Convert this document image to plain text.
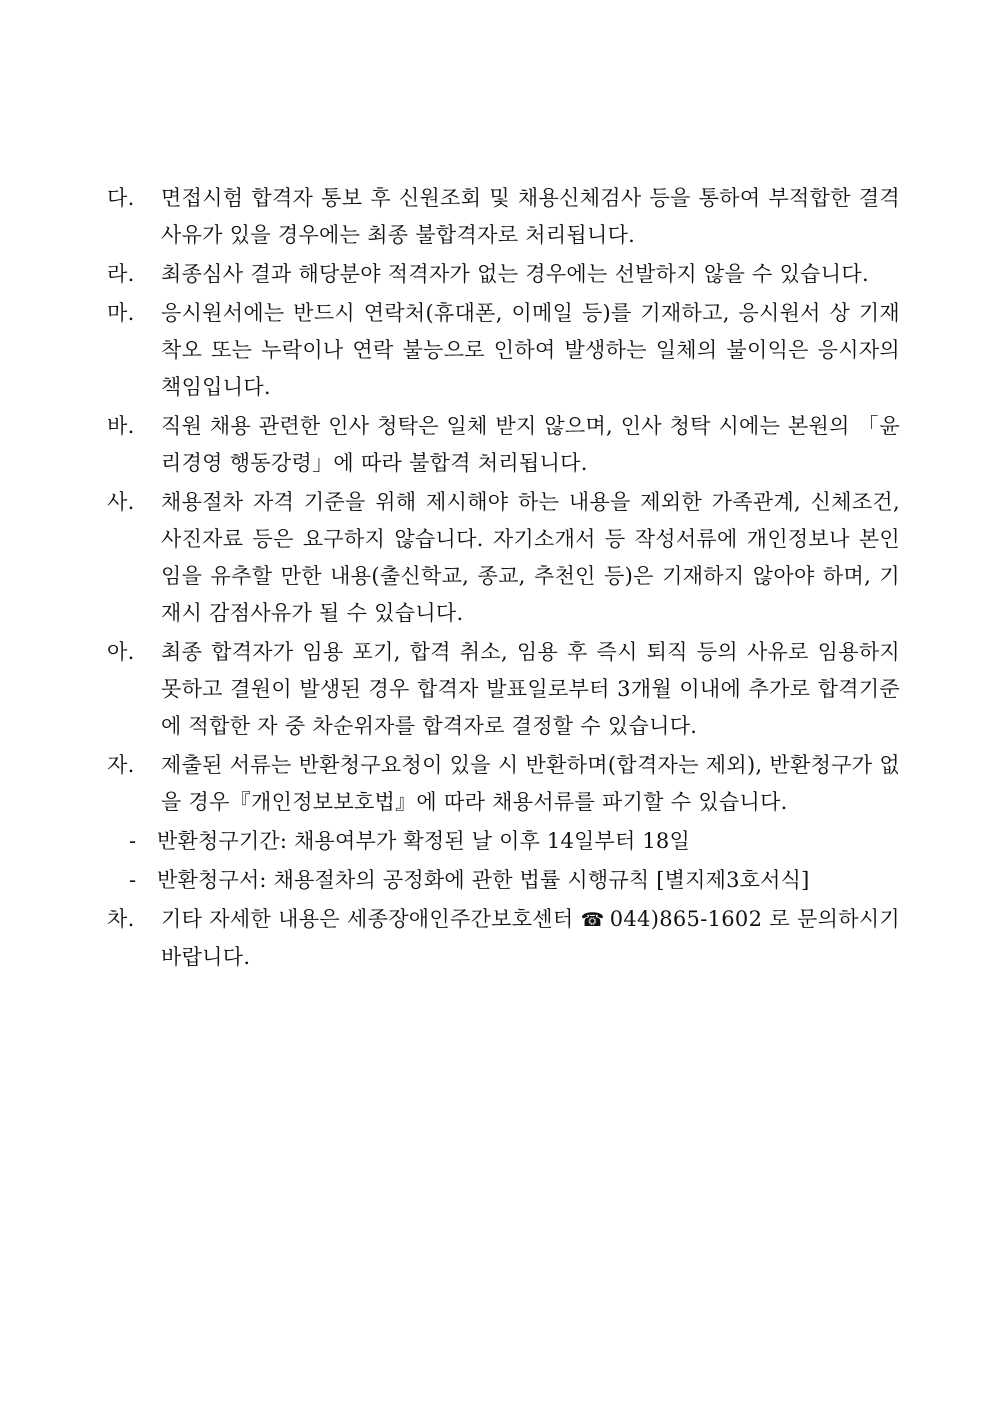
다.	면접시험 합격자 통보 후 신원조회 및 채용신체검사 등을 통하여 부적합한 결격사유가 있을 경우에는 최종 불합격자로 처리됩니다.
라.	최종심사 결과 해당분야 적격자가 없는 경우에는 선발하지 않을 수 있습니다.
마.	응시원서에는 반드시 연락처(휴대폰, 이메일 등)를 기재하고, 응시원서 상 기재 착오 또는 누락이나 연락 불능으로 인하여 발생하는 일체의 불이익은 응시자의 책임입니다.
바.	직원 채용 관련한 인사 청탁은 일체 받지 않으며, 인사 청탁 시에는 본원의 「윤리경영 행동강령」에 따라 불합격 처리됩니다.
사.	채용절차 자격 기준을 위해 제시해야 하는 내용을 제외한 가족관계, 신체조건, 사진자료 등은 요구하지 않습니다. 자기소개서 등 작성서류에 개인정보나 본인임을 유추할 만한 내용(출신학교, 종교, 추천인 등)은 기재하지 않아야 하며, 기재시 감점사유가 될 수 있습니다.
아.	최종 합격자가 임용 포기, 합격 취소, 임용 후 즉시 퇴직 등의 사유로 임용하지 못하고 결원이 발생된 경우 합격자 발표일로부터 3개월 이내에 추가로 합격기준에 적합한 자 중 차순위자를 합격자로 결정할 수 있습니다.
자.	제출된 서류는 반환청구요청이 있을 시 반환하며(합격자는 제외), 반환청구가 없을 경우『개인정보보호법』에 따라 채용서류를 파기할 수 있습니다.
- 반환청구기간: 채용여부가 확정된 날 이후 14일부터 18일
- 반환청구서: 채용절차의 공정화에 관한 법률 시행규칙 [별지제3호서식]
차.	기타 자세한 내용은 세종장애인주간보호센터 ☎ 044)865-1602 로 문의하시기 바랍니다.
